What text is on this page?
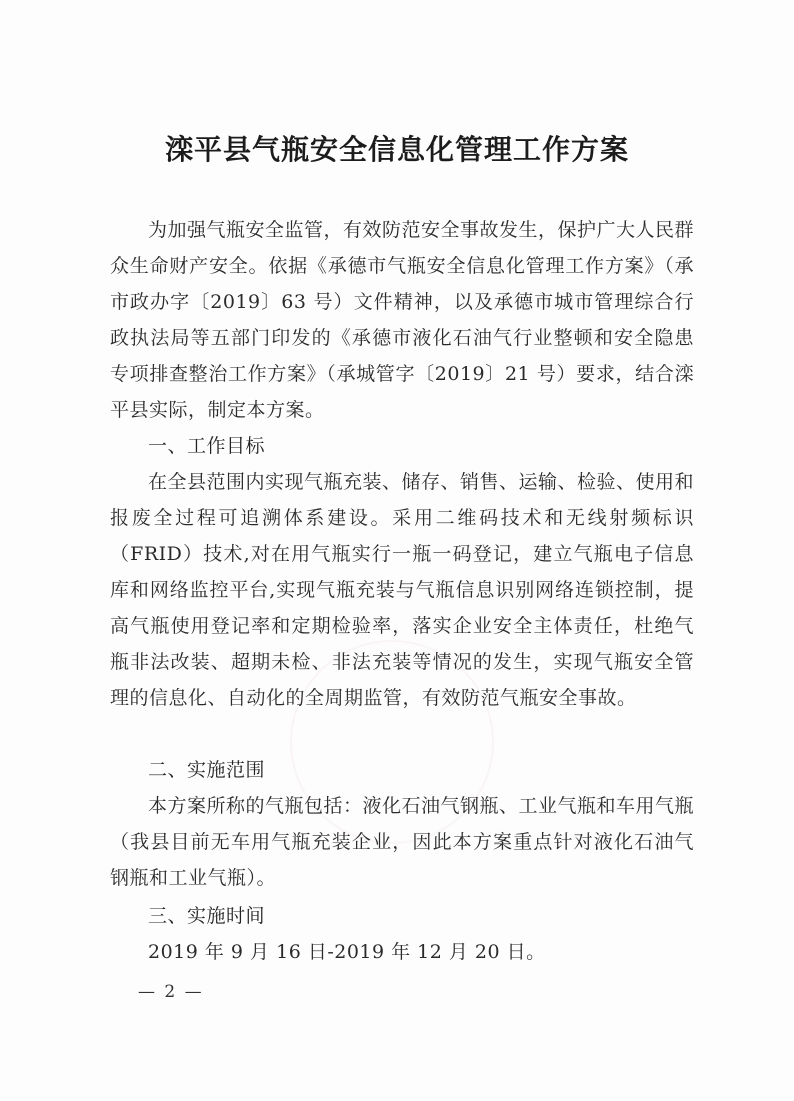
滦平县气瓶安全信息化管理工作方案

为加强气瓶安全监管，有效防范安全事故发生，保护广大人民群众生命财产安全。依据《承德市气瓶安全信息化管理工作方案》（承市政办字〔2019〕63 号）文件精神，以及承德市城市管理综合行政执法局等五部门印发的《承德市液化石油气行业整顿和安全隐患专项排查整治工作方案》（承城管字〔2019〕21 号）要求，结合滦平县实际，制定本方案。

一、工作目标

在全县范围内实现气瓶充装、储存、销售、运输、检验、使用和报废全过程可追溯体系建设。采用二维码技术和无线射频标识（FRID）技术,对在用气瓶实行一瓶一码登记，建立气瓶电子信息库和网络监控平台,实现气瓶充装与气瓶信息识别网络连锁控制，提高气瓶使用登记率和定期检验率，落实企业安全主体责任，杜绝气瓶非法改装、超期未检、非法充装等情况的发生，实现气瓶安全管理的信息化、自动化的全周期监管，有效防范气瓶安全事故。

二、实施范围

本方案所称的气瓶包括：液化石油气钢瓶、工业气瓶和车用气瓶（我县目前无车用气瓶充装企业，因此本方案重点针对液化石油气钢瓶和工业气瓶）。

三、实施时间

2019 年 9 月 16 日-2019 年 12 月 20 日。

— 2 —
